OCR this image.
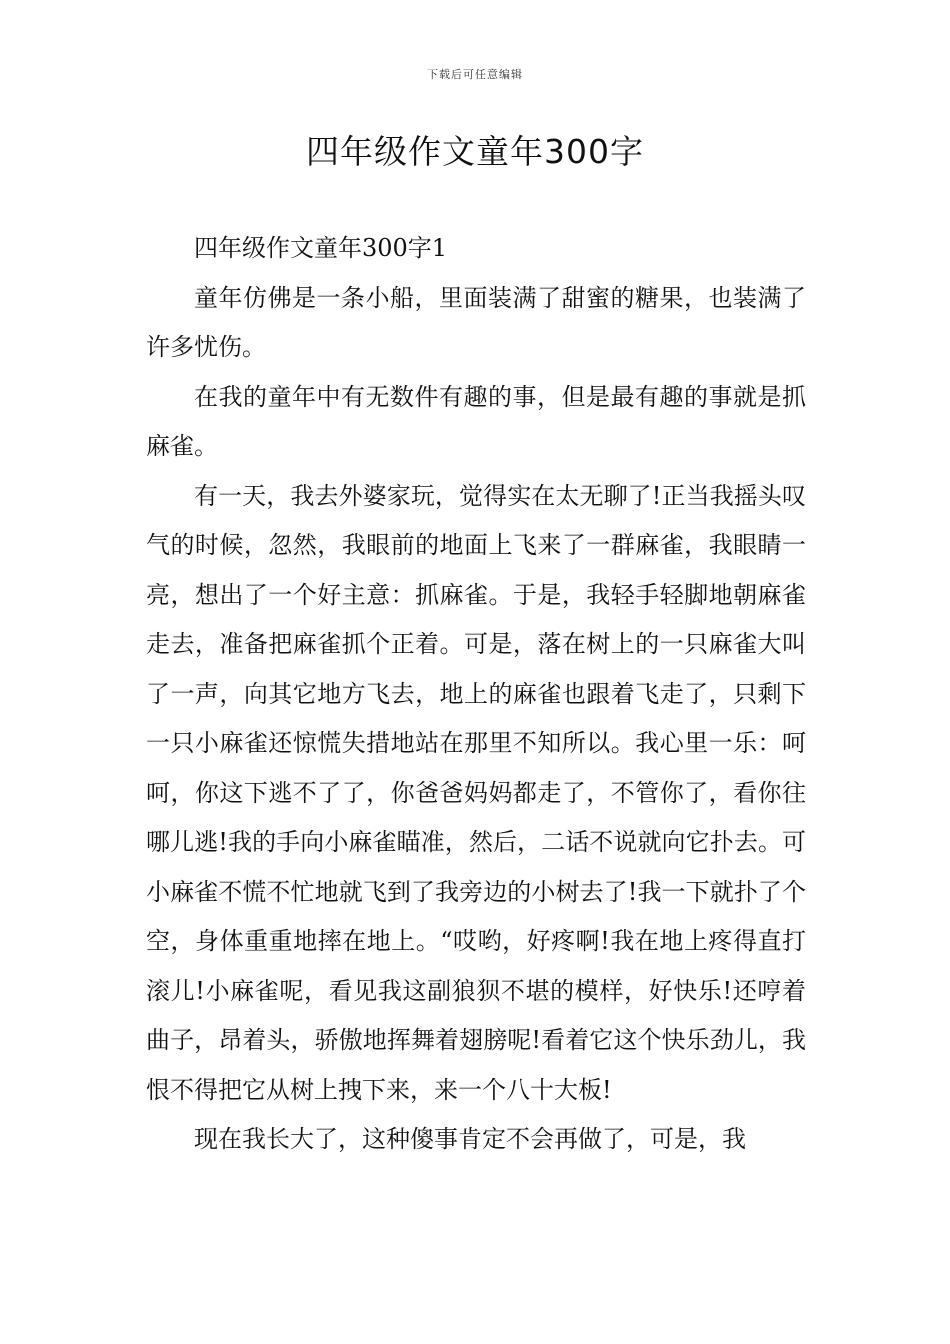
下载后可任意编辑
四年级作文童年300字

四年级作文童年300字1

童年仿佛是一条小船，里面装满了甜蜜的糖果，也装满了许多忧伤。

在我的童年中有无数件有趣的事，但是最有趣的事就是抓麻雀。

有一天，我去外婆家玩，觉得实在太无聊了!正当我摇头叹气的时候，忽然，我眼前的地面上飞来了一群麻雀，我眼睛一亮，想出了一个好主意：抓麻雀。于是，我轻手轻脚地朝麻雀走去，准备把麻雀抓个正着。可是，落在树上的一只麻雀大叫了一声，向其它地方飞去，地上的麻雀也跟着飞走了，只剩下一只小麻雀还惊慌失措地站在那里不知所以。我心里一乐：呵呵，你这下逃不了了，你爸爸妈妈都走了，不管你了，看你往哪儿逃!我的手向小麻雀瞄准，然后，二话不说就向它扑去。可小麻雀不慌不忙地就飞到了我旁边的小树去了!我一下就扑了个空，身体重重地摔在地上。“哎哟，好疼啊!我在地上疼得直打滚儿!小麻雀呢，看见我这副狼狈不堪的模样，好快乐!还哼着曲子，昂着头，骄傲地挥舞着翅膀呢!看着它这个快乐劲儿，我恨不得把它从树上拽下来，来一个八十大板!

现在我长大了，这种傻事肯定不会再做了，可是，我
